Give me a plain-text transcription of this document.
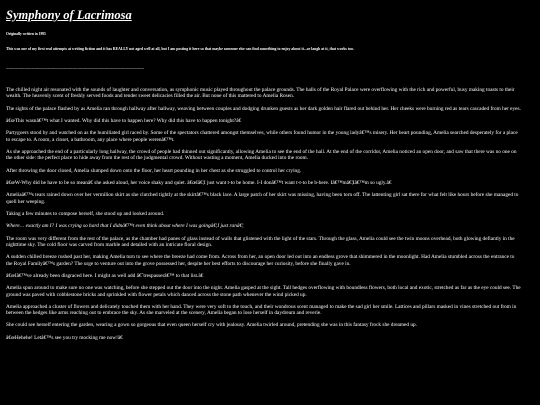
Symphony of Lacrimosa
Originally written in 1995
This was one of my first real attempts at writing fiction and it has REALLY not aged well at all, but I am posting it here so that maybe someone else can find something to enjoy about it...or laugh at it, that works too.
----------------------------------------------------------------------------------------------------------------

The chilled night air resonated with the sounds of laughter and conversation, as symphonic music played throughout the palace grounds. The halls of the Royal Palace were overflowing with the rich and powerful, busy making toasts to their wealth. The heavenly scent of freshly served foods and tender sweet delicacies filled the air. But none of this mattered to Amelia Rosen.

The sights of the palace flashed by as Amelia ran through hallway after hallway, weaving between couples and dodging drunken guests as her dark golden hair flared out behind her. Her cheeks were burning red as tears cascaded from her eyes.

â€œThis wasnâ€™t what I wanted. Why did this have to happen here? Why did this have to happen tonight?â€

Partygoers stood by and watched on as the humiliated girl raced by. Some of the spectators chattered amongst themselves, while others found humor in the young ladyâ€™s misery. Her heart pounding, Amelia searched desperately for a place to escape to. A room, a closet, a bathroom, any place where people werenâ€™t.

As she approached the end of a particularly long hallway, the crowd of people had thinned out significantly, allowing Amelia to see the end of the hall. At the end of the corridor, Amelia noticed an open door, and saw that there was no one on the other side: the perfect place to hide away from the rest of the judgmental crowd. Without wasting a moment, Amelia ducked into the room.

After throwing the door closed, Amelia slumped down onto the floor, her heart pounding in her chest as she struggled to control her crying.

â€œW-Why did he have to be so meanâ€ she asked aloud, her voice shaky and quiet. â€œIâ€¦I just want t-to be home. I-I donâ€™t want t-t-to be b-here. Iâ€™mâ€¦Iâ€™m so ugly.â€

Ameliaâ€™s tears rained down over her vermilion skirt as she clutched tightly at the skirtâ€™s black lace. A large patch of her skirt was missing, having been torn off. The lattenting girl sat there for what felt like hours before she managed to quell her weeping.

Taking a few minutes to compose herself, she stood up and looked around.

Where… exactly am I? I was crying so hard that I didnâ€™t even think about where I was goingâ€¦I just ranâ€¦

The room was very different from the rest of the palace, as the chamber had panes of glass instead of walls that glistened with the light of the stars. Through the glass, Amelia could see the twin moons overhead, both glowing defiantly in the nighttime sky. The cold floor was carved from marble and detailed with an intricate floral design.

A sudden chilled breeze rushed past her, making Amelia turn to see where the breeze had come from. Across from her, an open door led out into an endless grove that shimmered in the moonlight. Had Amelia stumbled across the entrance to the Royal Familyâ€™s garden? The urge to venture out into the grove possessed her, despite her best efforts to discourage her curiosity, before she finally gave in.

â€œIâ€™ve already been disgraced here. I might as well add â€˜trespasserâ€™ to that list.â€

Amelia spun around to make sure no one was watching, before she stepped out the door into the night. Amelia gasped at the sight. Tall hedges overflowing with boundless flowers, both local and exotic, stretched as far as the eye could see. The ground was paved with cobblestone bricks and sprinkled with flower petals which danced across the stone path whenever the wind picked up.

Amelia approached a cluster of flowers and delicately touched them with her hand. They were very soft to the touch, and their wondrous scent managed to make the sad girl her smile. Lattices and pillars masked in vines stretched out from in between the hedges like arms reaching out to embrace the sky. As she marveled at the scenery, Amelia began to lose herself in daydream and reverie.

She could see herself entering the garden, wearing a gown so gorgeous that even queen herself cry with jealousy. Amelia twirled around, pretending she was in this fantasy frock she dreamed up.

â€œHehehe! Letâ€™s see you try mocking me now!â€
